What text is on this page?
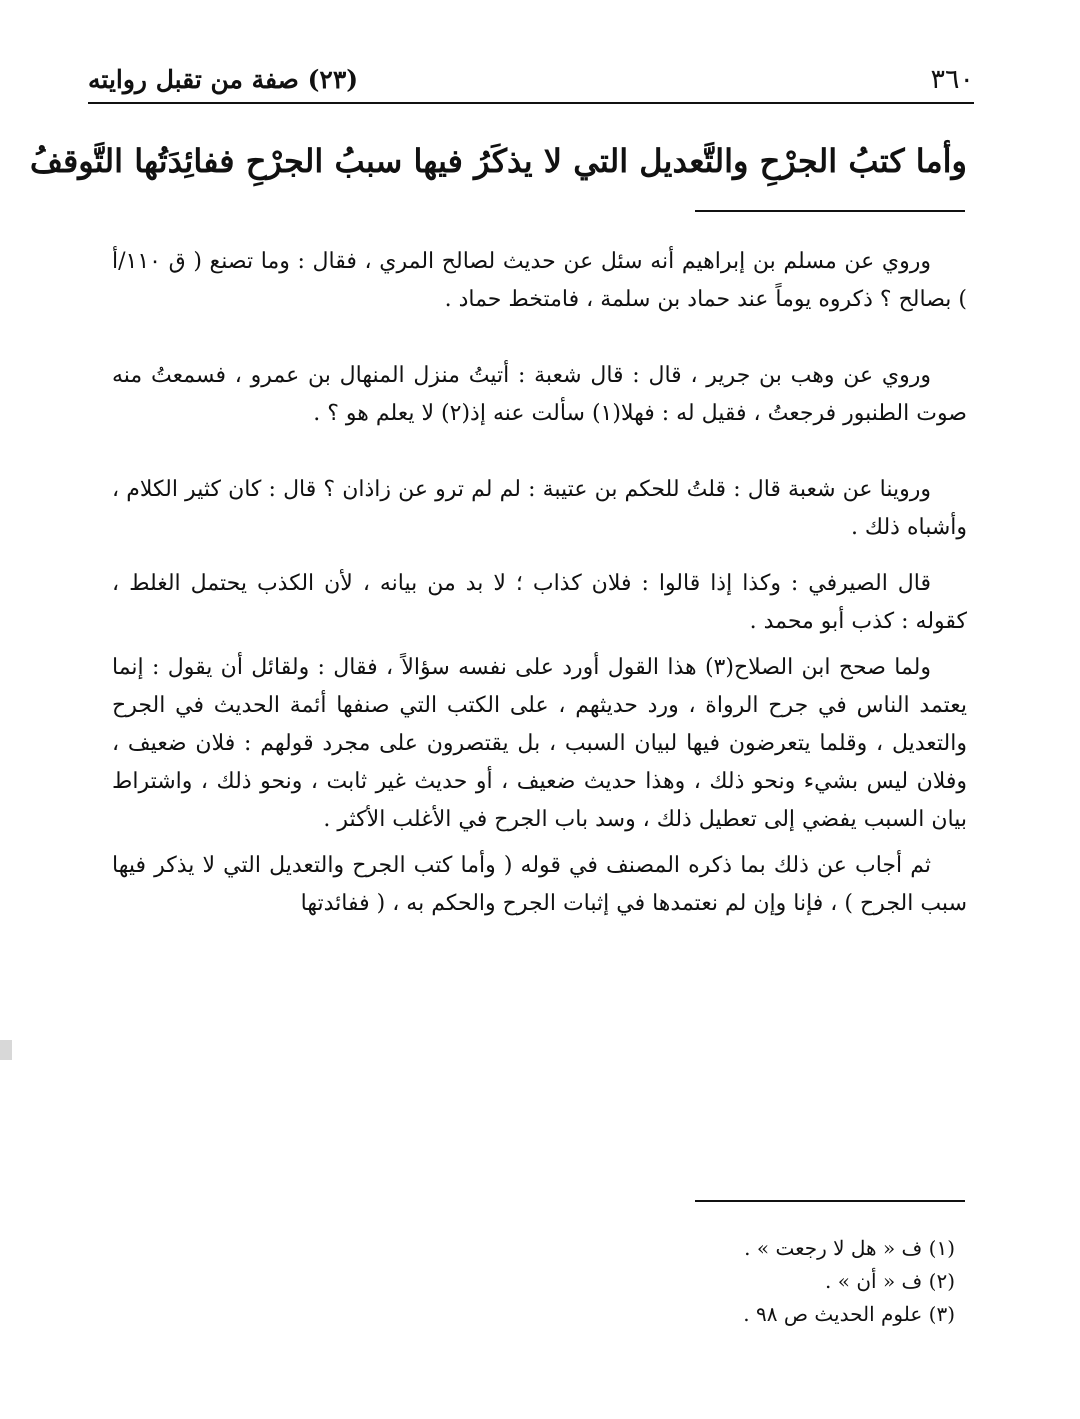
٣٦٠
(٢٣) صفة من تقبل روايته
وأما كتبُ الجرْحِ والتَّعديل التي لا يذكَرُ فيها سببُ الجرْحِ ففائِدَتُها التَّوقفُ

وروي عن مسلم بن إبراهيم أنه سئل عن حديث لصالح المري ، فقال : وما تصنع ( ق ١١٠/أ ) بصالح ؟ ذكروه يوماً عند حماد بن سلمة ، فامتخط حماد .

وروي عن وهب بن جرير ، قال : قال شعبة : أتيتُ منزل المنهال بن عمرو ، فسمعتُ منه صوت الطنبور فرجعتُ ، فقيل له : فهلا(١) سألت عنه إذ(٢) لا يعلم هو ؟ .

وروينا عن شعبة قال : قلتُ للحكم بن عتيبة : لم لم ترو عن زاذان ؟ قال : كان كثير الكلام ، وأشباه ذلك .

قال الصيرفي : وكذا إذا قالوا : فلان كذاب ؛ لا بد من بيانه ، لأن الكذب يحتمل الغلط ، كقوله : كذب أبو محمد .

ولما صحح ابن الصلاح(٣) هذا القول أورد على نفسه سؤالاً ، فقال : ولقائل أن يقول : إنما يعتمد الناس في جرح الرواة ، ورد حديثهم ، على الكتب التي صنفها أئمة الحديث في الجرح والتعديل ، وقلما يتعرضون فيها لبيان السبب ، بل يقتصرون على مجرد قولهم : فلان ضعيف ، وفلان ليس بشيء ونحو ذلك ، وهذا حديث ضعيف ، أو حديث غير ثابت ، ونحو ذلك ، واشتراط بيان السبب يفضي إلى تعطيل ذلك ، وسد باب الجرح في الأغلب الأكثر .

ثم أجاب عن ذلك بما ذكره المصنف في قوله ( وأما كتب الجرح والتعديل التي لا يذكر فيها سبب الجرح ) ، فإنا وإن لم نعتمدها في إثبات الجرح والحكم به ، ( ففائدتها

(١) ف « هل لا رجعت » .

(٢) ف « أن » .

(٣) علوم الحديث ص ٩٨ .
